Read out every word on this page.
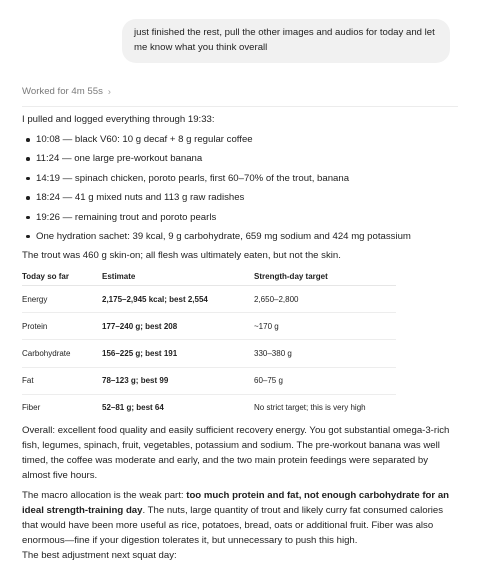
just finished the rest, pull the other images and audios for today and let me know what you think overall
Worked for 4m 55s ›
I pulled and logged everything through 19:33:
10:08 — black V60: 10 g decaf + 8 g regular coffee
11:24 — one large pre-workout banana
14:19 — spinach chicken, poroto pearls, first 60–70% of the trout, banana
18:24 — 41 g mixed nuts and 113 g raw radishes
19:26 — remaining trout and poroto pearls
One hydration sachet: 39 kcal, 9 g carbohydrate, 659 mg sodium and 424 mg potassium
The trout was 460 g skin-on; all flesh was ultimately eaten, but not the skin.
Today so far	Estimate	Strength-day target
Energy	2,175–2,945 kcal; best 2,554	2,650–2,800
Protein	177–240 g; best 208	~170 g
Carbohydrate	156–225 g; best 191	330–380 g
Fat	78–123 g; best 99	60–75 g
Fiber	52–81 g; best 64	No strict target; this is very high

Overall: excellent food quality and easily sufficient recovery energy. You got substantial omega-3-rich fish, legumes, spinach, fruit, vegetables, potassium and sodium. The pre-workout banana was well timed, the coffee was moderate and early, and the two main protein feedings were separated by almost five hours.

The macro allocation is the weak part: too much protein and fat, not enough carbohydrate for an ideal strength-training day. The nuts, large quantity of trout and likely curry fat consumed calories that would have been more useful as rice, potatoes, bread, oats or additional fruit. Fiber was also enormous—fine if your digestion tolerates it, but unnecessary to push this high.

The best adjustment next squat day:
